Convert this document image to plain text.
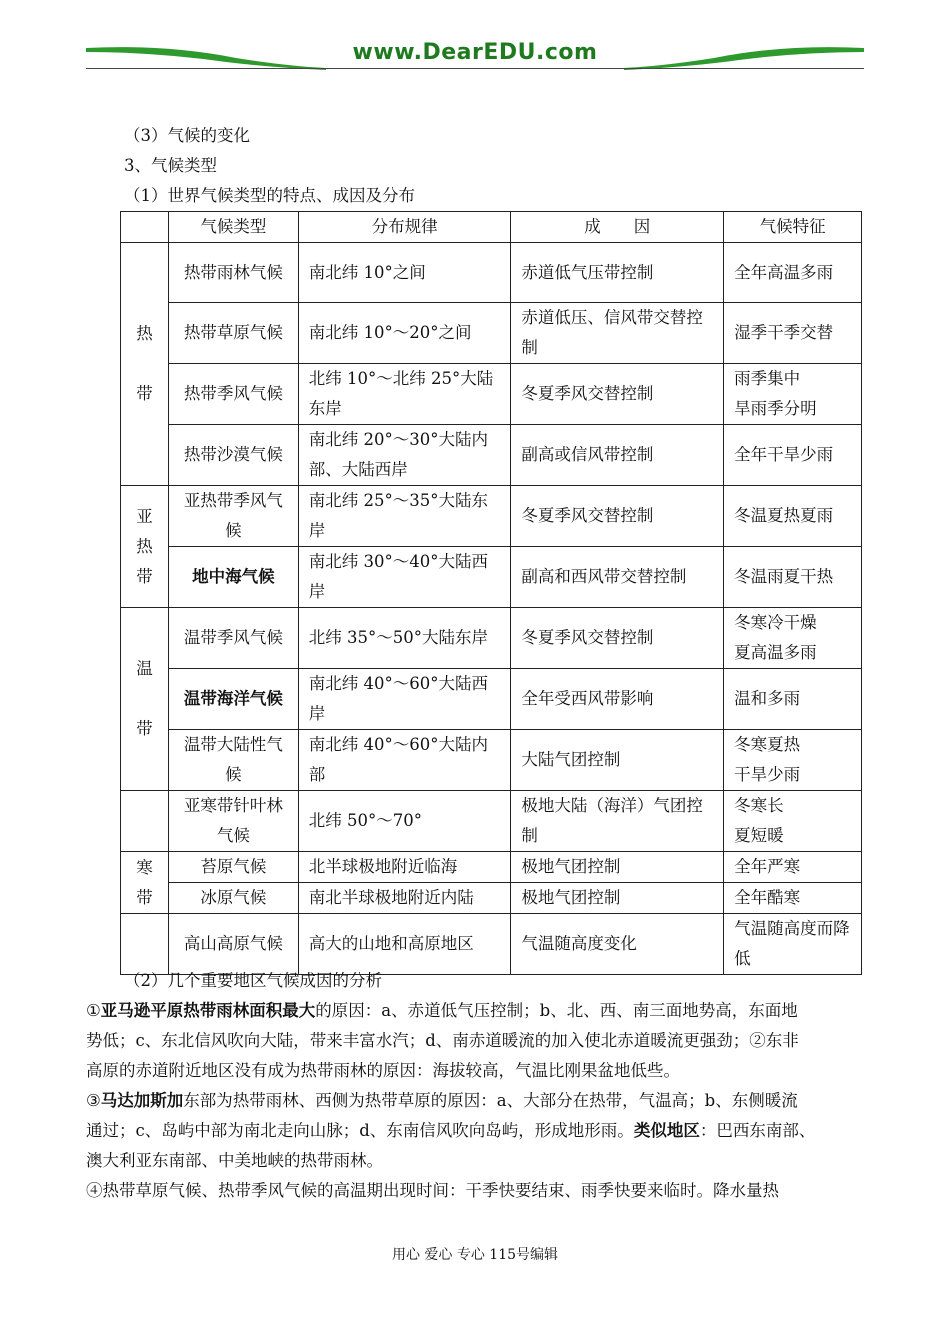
www.DearEDU.com
（3）气候的变化
3、气候类型
（1）世界气候类型的特点、成因及分布
	气候类型	分布规律	成　　因	气候特征
热

带	热带雨林气候	南北纬 10°之间	赤道低气压带控制	全年高温多雨
	热带草原气候	南北纬 10°～20°之间	赤道低压、信风带交替控制	湿季干季交替
	热带季风气候	北纬 10°～北纬 25°大陆东岸	冬夏季风交替控制	雨季集中
旱雨季分明
	热带沙漠气候	南北纬 20°～30°大陆内部、大陆西岸	副高或信风带控制	全年干旱少雨
亚
热
带	亚热带季风气候	南北纬 25°～35°大陆东岸	冬夏季风交替控制	冬温夏热夏雨
	地中海气候	南北纬 30°～40°大陆西岸	副高和西风带交替控制	冬温雨夏干热
温

带	温带季风气候	北纬 35°～50°大陆东岸	冬夏季风交替控制	冬寒冷干燥
夏高温多雨
	温带海洋气候	南北纬 40°～60°大陆西岸	全年受西风带影响	温和多雨
	温带大陆性气候	南北纬 40°～60°大陆内部	大陆气团控制	冬寒夏热
干旱少雨
	亚寒带针叶林气候	北纬 50°～70°	极地大陆（海洋）气团控制	冬寒长
夏短暖
寒
带	苔原气候	北半球极地附近临海	极地气团控制	全年严寒
	冰原气候	南北半球极地附近内陆	极地气团控制	全年酷寒
	高山高原气候	高大的山地和高原地区	气温随高度变化	气温随高度而降低
（2）几个重要地区气候成因的分析

①亚马逊平原热带雨林面积最大的原因：a、赤道低气压控制；b、北、西、南三面地势高，东面地

势低；c、东北信风吹向大陆，带来丰富水汽；d、南赤道暖流的加入使北赤道暖流更强劲；②东非

高原的赤道附近地区没有成为热带雨林的原因：海拔较高，气温比刚果盆地低些。

③马达加斯加东部为热带雨林、西侧为热带草原的原因：a、大部分在热带，气温高；b、东侧暖流

通过；c、岛屿中部为南北走向山脉；d、东南信风吹向岛屿，形成地形雨。类似地区：巴西东南部、

澳大利亚东南部、中美地峡的热带雨林。

④热带草原气候、热带季风气候的高温期出现时间：干季快要结束、雨季快要来临时。降水量热

用心 爱心 专心 115号编辑
